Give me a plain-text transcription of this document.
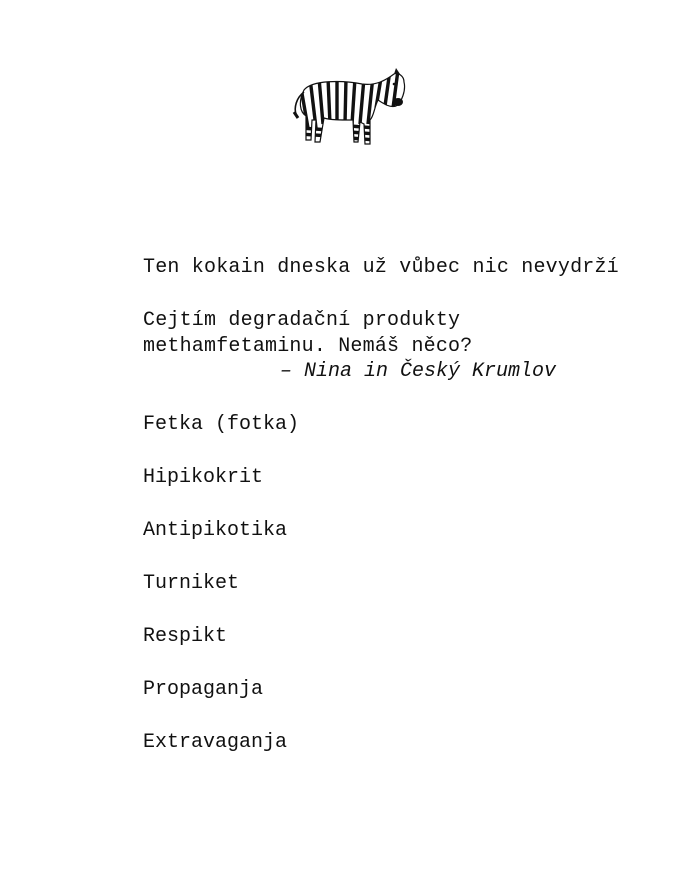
Ten kokain dneska už vůbec nic nevydrží
Cejtím degradační produkty
methamfetaminu. Nemáš něco?
– Nina in Český Krumlov
Fetka (fotka)
Hipikokrit
Antipikotika
Turniket
Respikt
Propaganja
Extravaganja
